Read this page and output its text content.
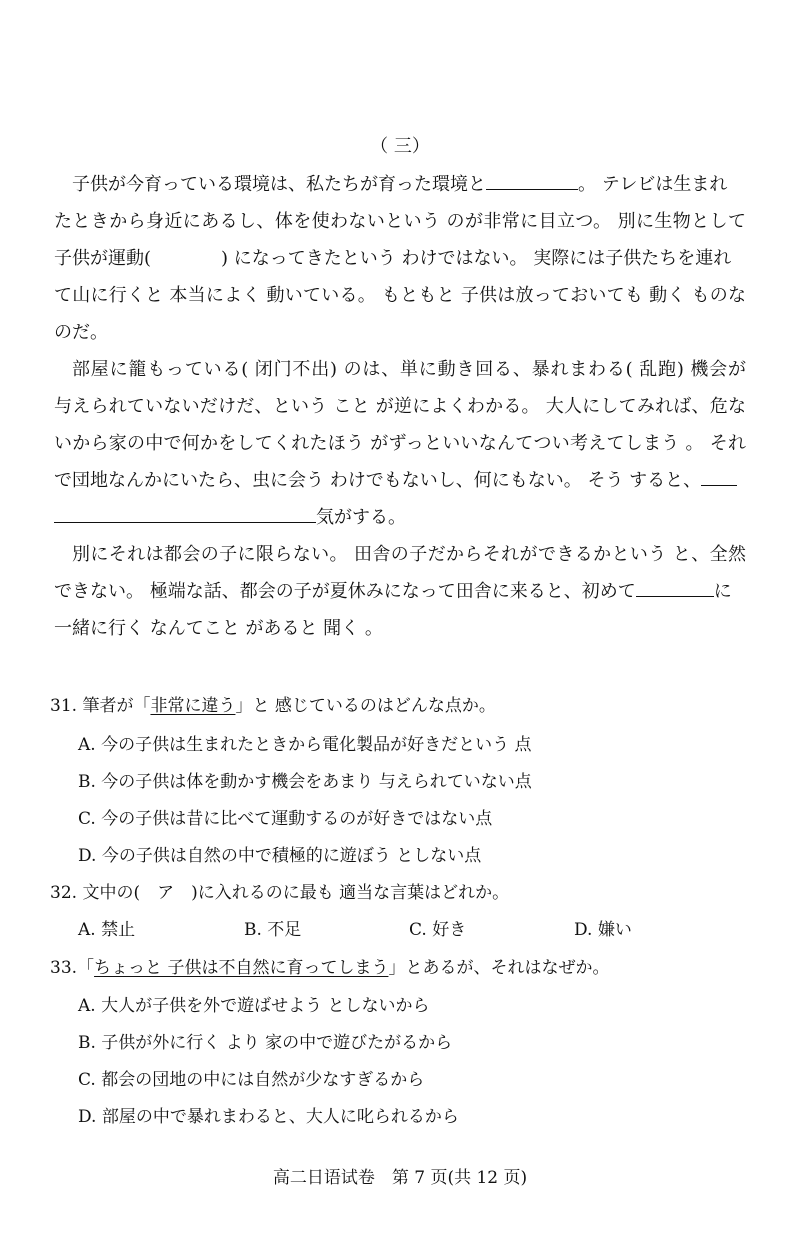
（ 三）
子供が今育っている環境は、私たちが育った環境と	。 テレビは生まれ
たときから身近にあるし、体を使わないという のが非常に目立つ。 別に生物として
子供が運動(	) になってきたという わけではない。 実際には子供たちを連れ
て山に行くと 本当によく 動いている。 もともと 子供は放っておいても 動く ものな
のだ。
部屋に籠もっている( 闭门不出) のは、単に動き回る、暴れまわる( 乱跑) 機会が
与えられていないだけだ、という こと が逆によくわかる。 大人にしてみれば、危な
いから家の中で何かをしてくれたほう がずっといいなんてつい考えてしまう 。 それ
で団地なんかにいたら、虫に会う わけでもないし、何にもない。 そう すると、
気がする。
別にそれは都会の子に限らない。 田舎の子だからそれができるかという と、全然
できない。 極端な話、都会の子が夏休みになって田舎に来ると、初めて	に
一緒に行く なんてこと があると 聞く 。
31. 筆者が「非常に違う」と 感じているのはどんな点か。
A. 今の子供は生まれたときから電化製品が好きだという 点
B. 今の子供は体を動かす機会をあまり 与えられていない点
C. 今の子供は昔に比べて運動するのが好きではない点
D. 今の子供は自然の中で積極的に遊ぼう としない点
32. 文中の(　ア　)に入れるのに最も 適当な言葉はどれか。
A. 禁止	B. 不足	C. 好き	D. 嫌い
33.「ちょっと 子供は不自然に育ってしまう」とあるが、それはなぜか。
A. 大人が子供を外で遊ばせよう としないから
B. 子供が外に行く より 家の中で遊びたがるから
C. 都会の団地の中には自然が少なすぎるから
D. 部屋の中で暴れまわると、大人に叱られるから
高二日语试卷　第 7 页(共 12 页)
